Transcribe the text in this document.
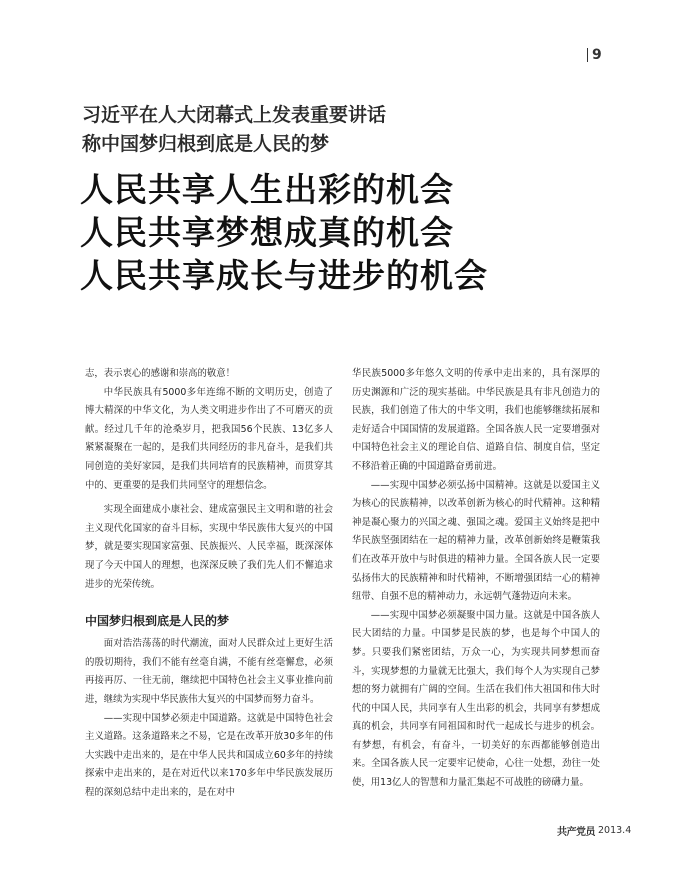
9
习近平在人大闭幕式上发表重要讲话
称中国梦归根到底是人民的梦
人民共享人生出彩的机会
人民共享梦想成真的机会
人民共享成长与进步的机会

志，表示衷心的感谢和崇高的敬意！

中华民族具有5000多年连绵不断的文明历史，创造了博大精深的中华文化，为人类文明进步作出了不可磨灭的贡献。经过几千年的沧桑岁月，把我国56个民族、13亿多人紧紧凝聚在一起的，是我们共同经历的非凡奋斗，是我们共同创造的美好家园，是我们共同培育的民族精神，而贯穿其中的、更重要的是我们共同坚守的理想信念。

实现全面建成小康社会、建成富强民主文明和谐的社会主义现代化国家的奋斗目标，实现中华民族伟大复兴的中国梦，就是要实现国家富强、民族振兴、人民幸福，既深深体现了今天中国人的理想，也深深反映了我们先人们不懈追求进步的光荣传统。

中国梦归根到底是人民的梦

面对浩浩荡荡的时代潮流，面对人民群众过上更好生活的殷切期待，我们不能有丝毫自满，不能有丝毫懈怠，必须再接再厉、一往无前，继续把中国特色社会主义事业推向前进，继续为实现中华民族伟大复兴的中国梦而努力奋斗。

——实现中国梦必须走中国道路。这就是中国特色社会主义道路。这条道路来之不易，它是在改革开放30多年的伟大实践中走出来的，是在中华人民共和国成立60多年的持续探索中走出来的，是在对近代以来170多年中华民族发展历程的深刻总结中走出来的，是在对中

华民族5000多年悠久文明的传承中走出来的，具有深厚的历史渊源和广泛的现实基础。中华民族是具有非凡创造力的民族，我们创造了伟大的中华文明，我们也能够继续拓展和走好适合中国国情的发展道路。全国各族人民一定要增强对中国特色社会主义的理论自信、道路自信、制度自信，坚定不移沿着正确的中国道路奋勇前进。

——实现中国梦必须弘扬中国精神。这就是以爱国主义为核心的民族精神，以改革创新为核心的时代精神。这种精神是凝心聚力的兴国之魂、强国之魂。爱国主义始终是把中华民族坚强团结在一起的精神力量，改革创新始终是鞭策我们在改革开放中与时俱进的精神力量。全国各族人民一定要弘扬伟大的民族精神和时代精神，不断增强团结一心的精神纽带、自强不息的精神动力，永远朝气蓬勃迈向未来。

——实现中国梦必须凝聚中国力量。这就是中国各族人民大团结的力量。中国梦是民族的梦，也是每个中国人的梦。只要我们紧密团结，万众一心，为实现共同梦想而奋斗，实现梦想的力量就无比强大，我们每个人为实现自己梦想的努力就拥有广阔的空间。生活在我们伟大祖国和伟大时代的中国人民，共同享有人生出彩的机会，共同享有梦想成真的机会，共同享有同祖国和时代一起成长与进步的机会。有梦想，有机会，有奋斗，一切美好的东西都能够创造出来。全国各族人民一定要牢记使命，心往一处想，劲往一处使，用13亿人的智慧和力量汇集起不可战胜的磅礴力量。

共产党员 2013.4
